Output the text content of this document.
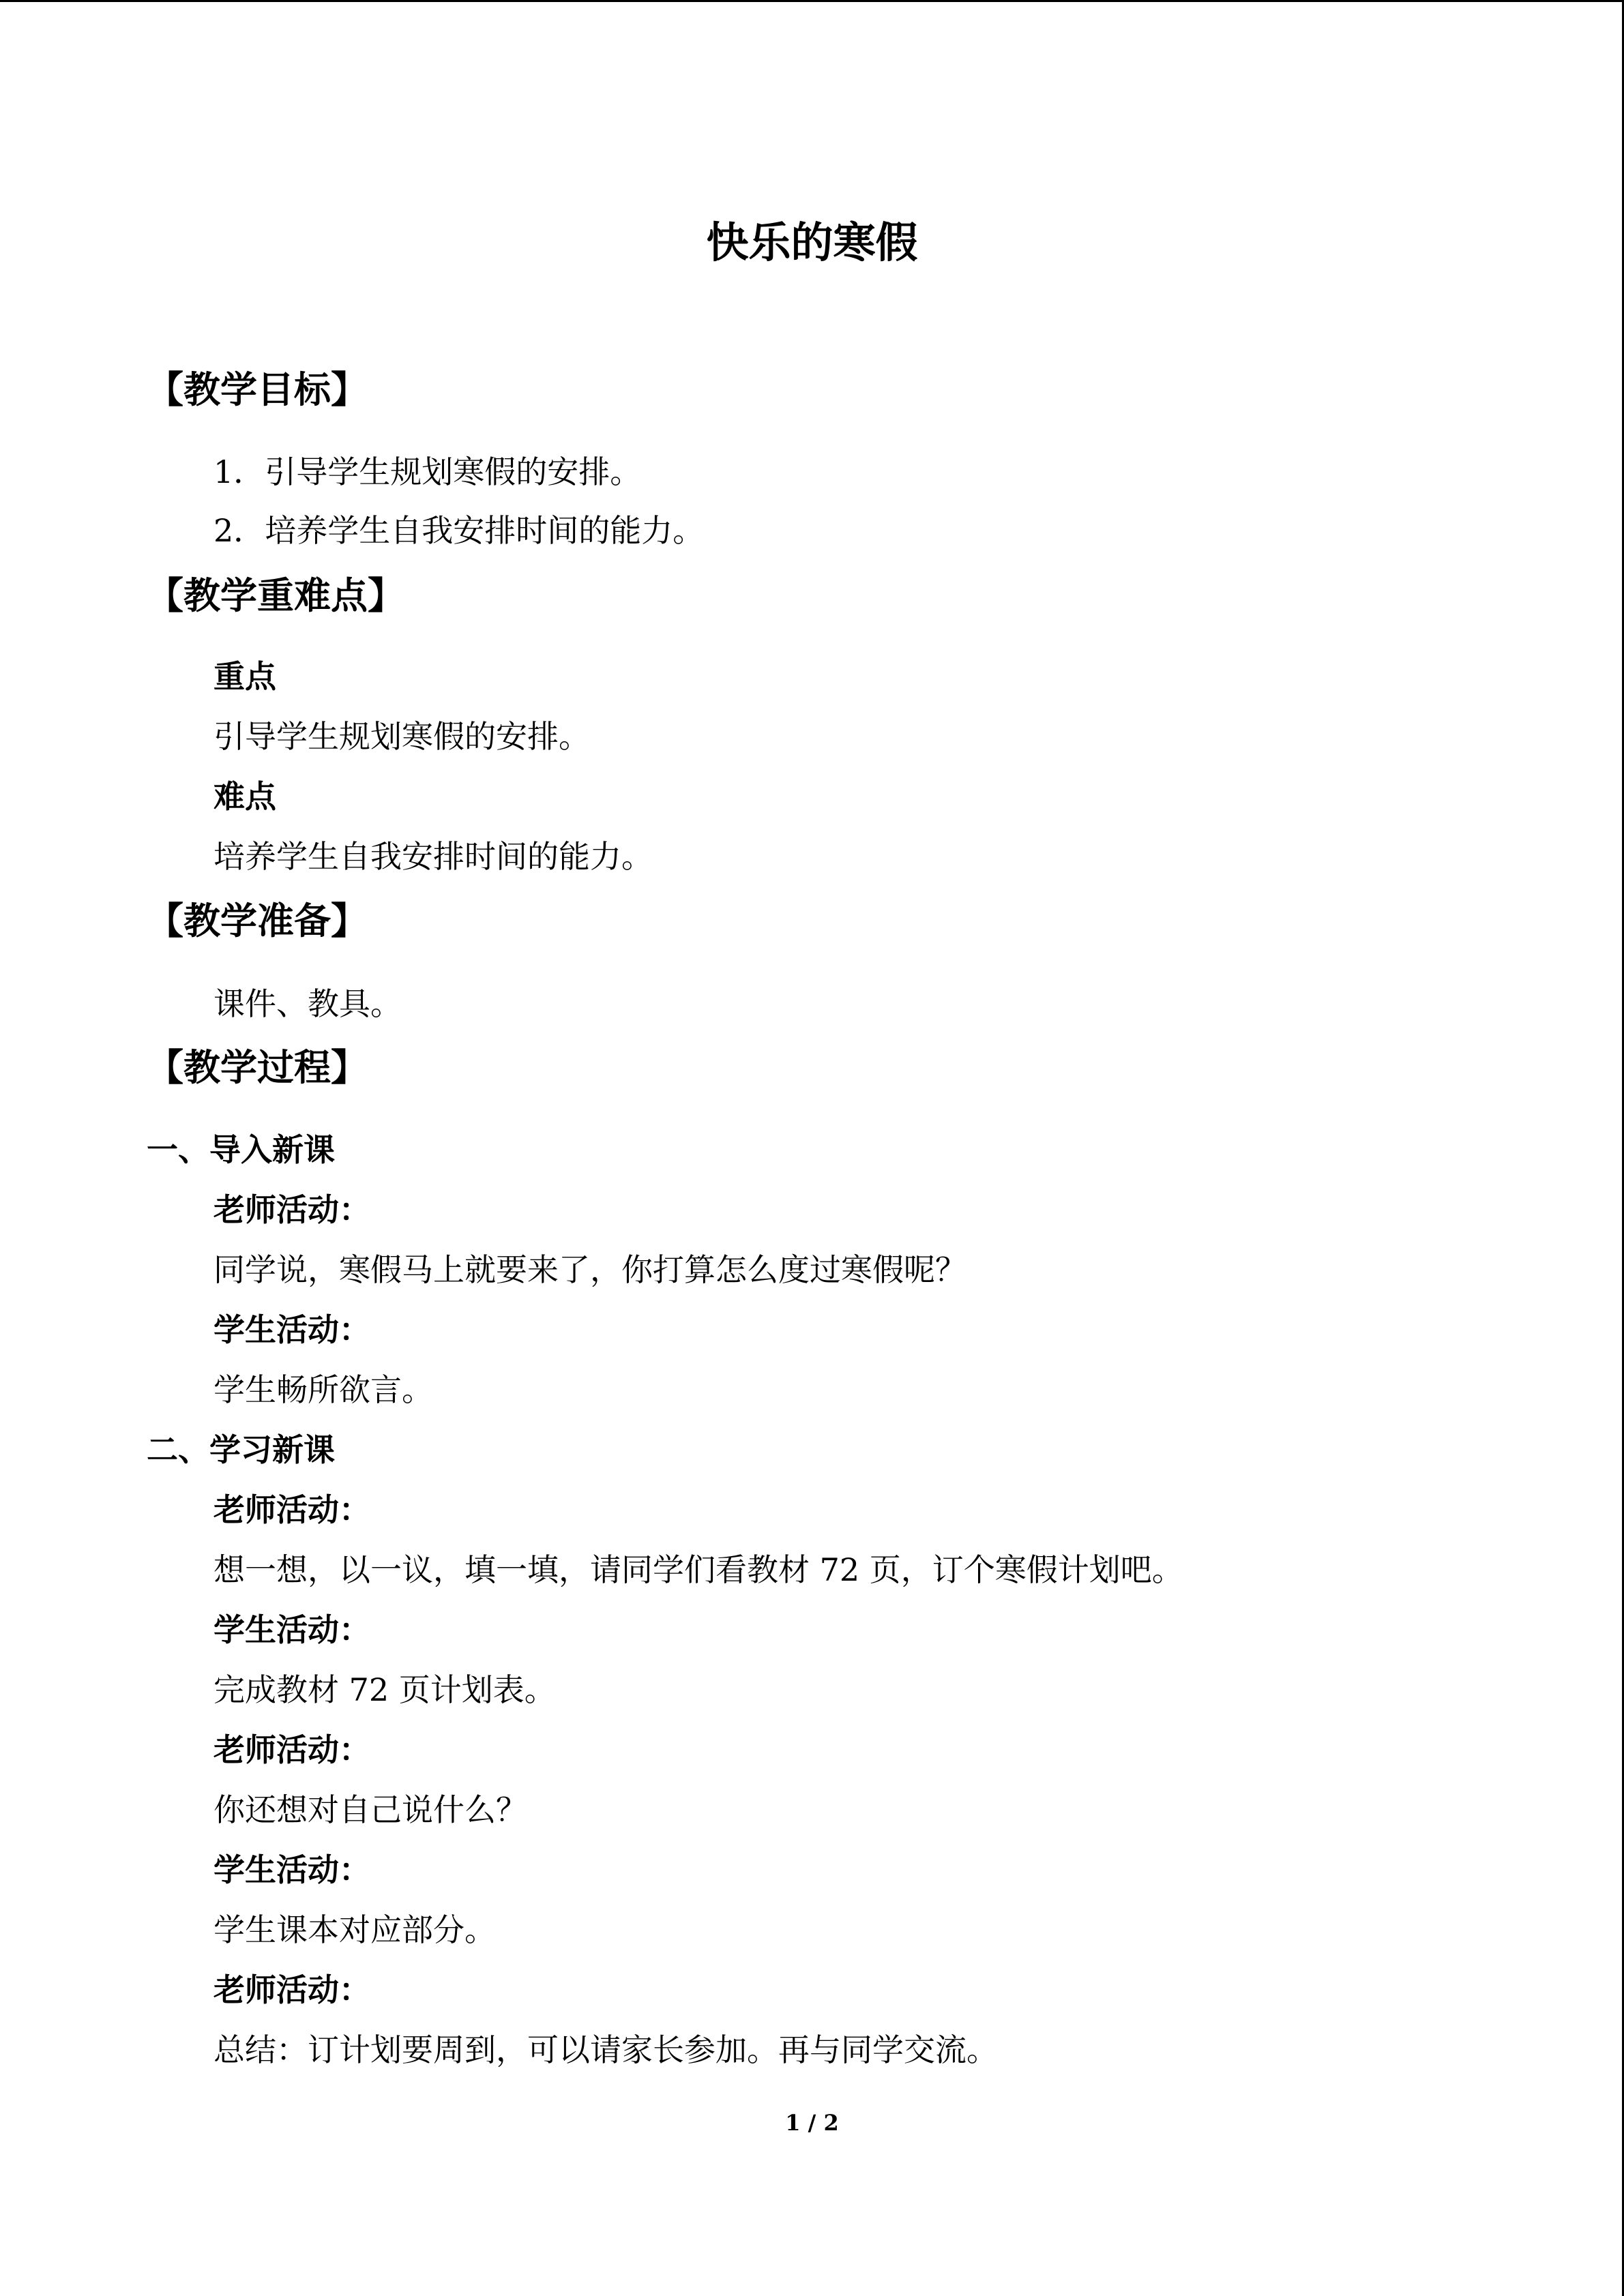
快乐的寒假
【教学目标】
1．引导学生规划寒假的安排。
2．培养学生自我安排时间的能力。
【教学重难点】
重点
引导学生规划寒假的安排。
难点
培养学生自我安排时间的能力。
【教学准备】
课件、教具。
【教学过程】
一、导入新课
老师活动：
同学说，寒假马上就要来了，你打算怎么度过寒假呢？
学生活动：
学生畅所欲言。
二、学习新课
老师活动：
想一想，以一议，填一填，请同学们看教材 72 页，订个寒假计划吧。
学生活动：
完成教材 72 页计划表。
老师活动：
你还想对自己说什么？
学生活动：
学生课本对应部分。
老师活动：
总结：订计划要周到，可以请家长参加。再与同学交流。
1 / 2
